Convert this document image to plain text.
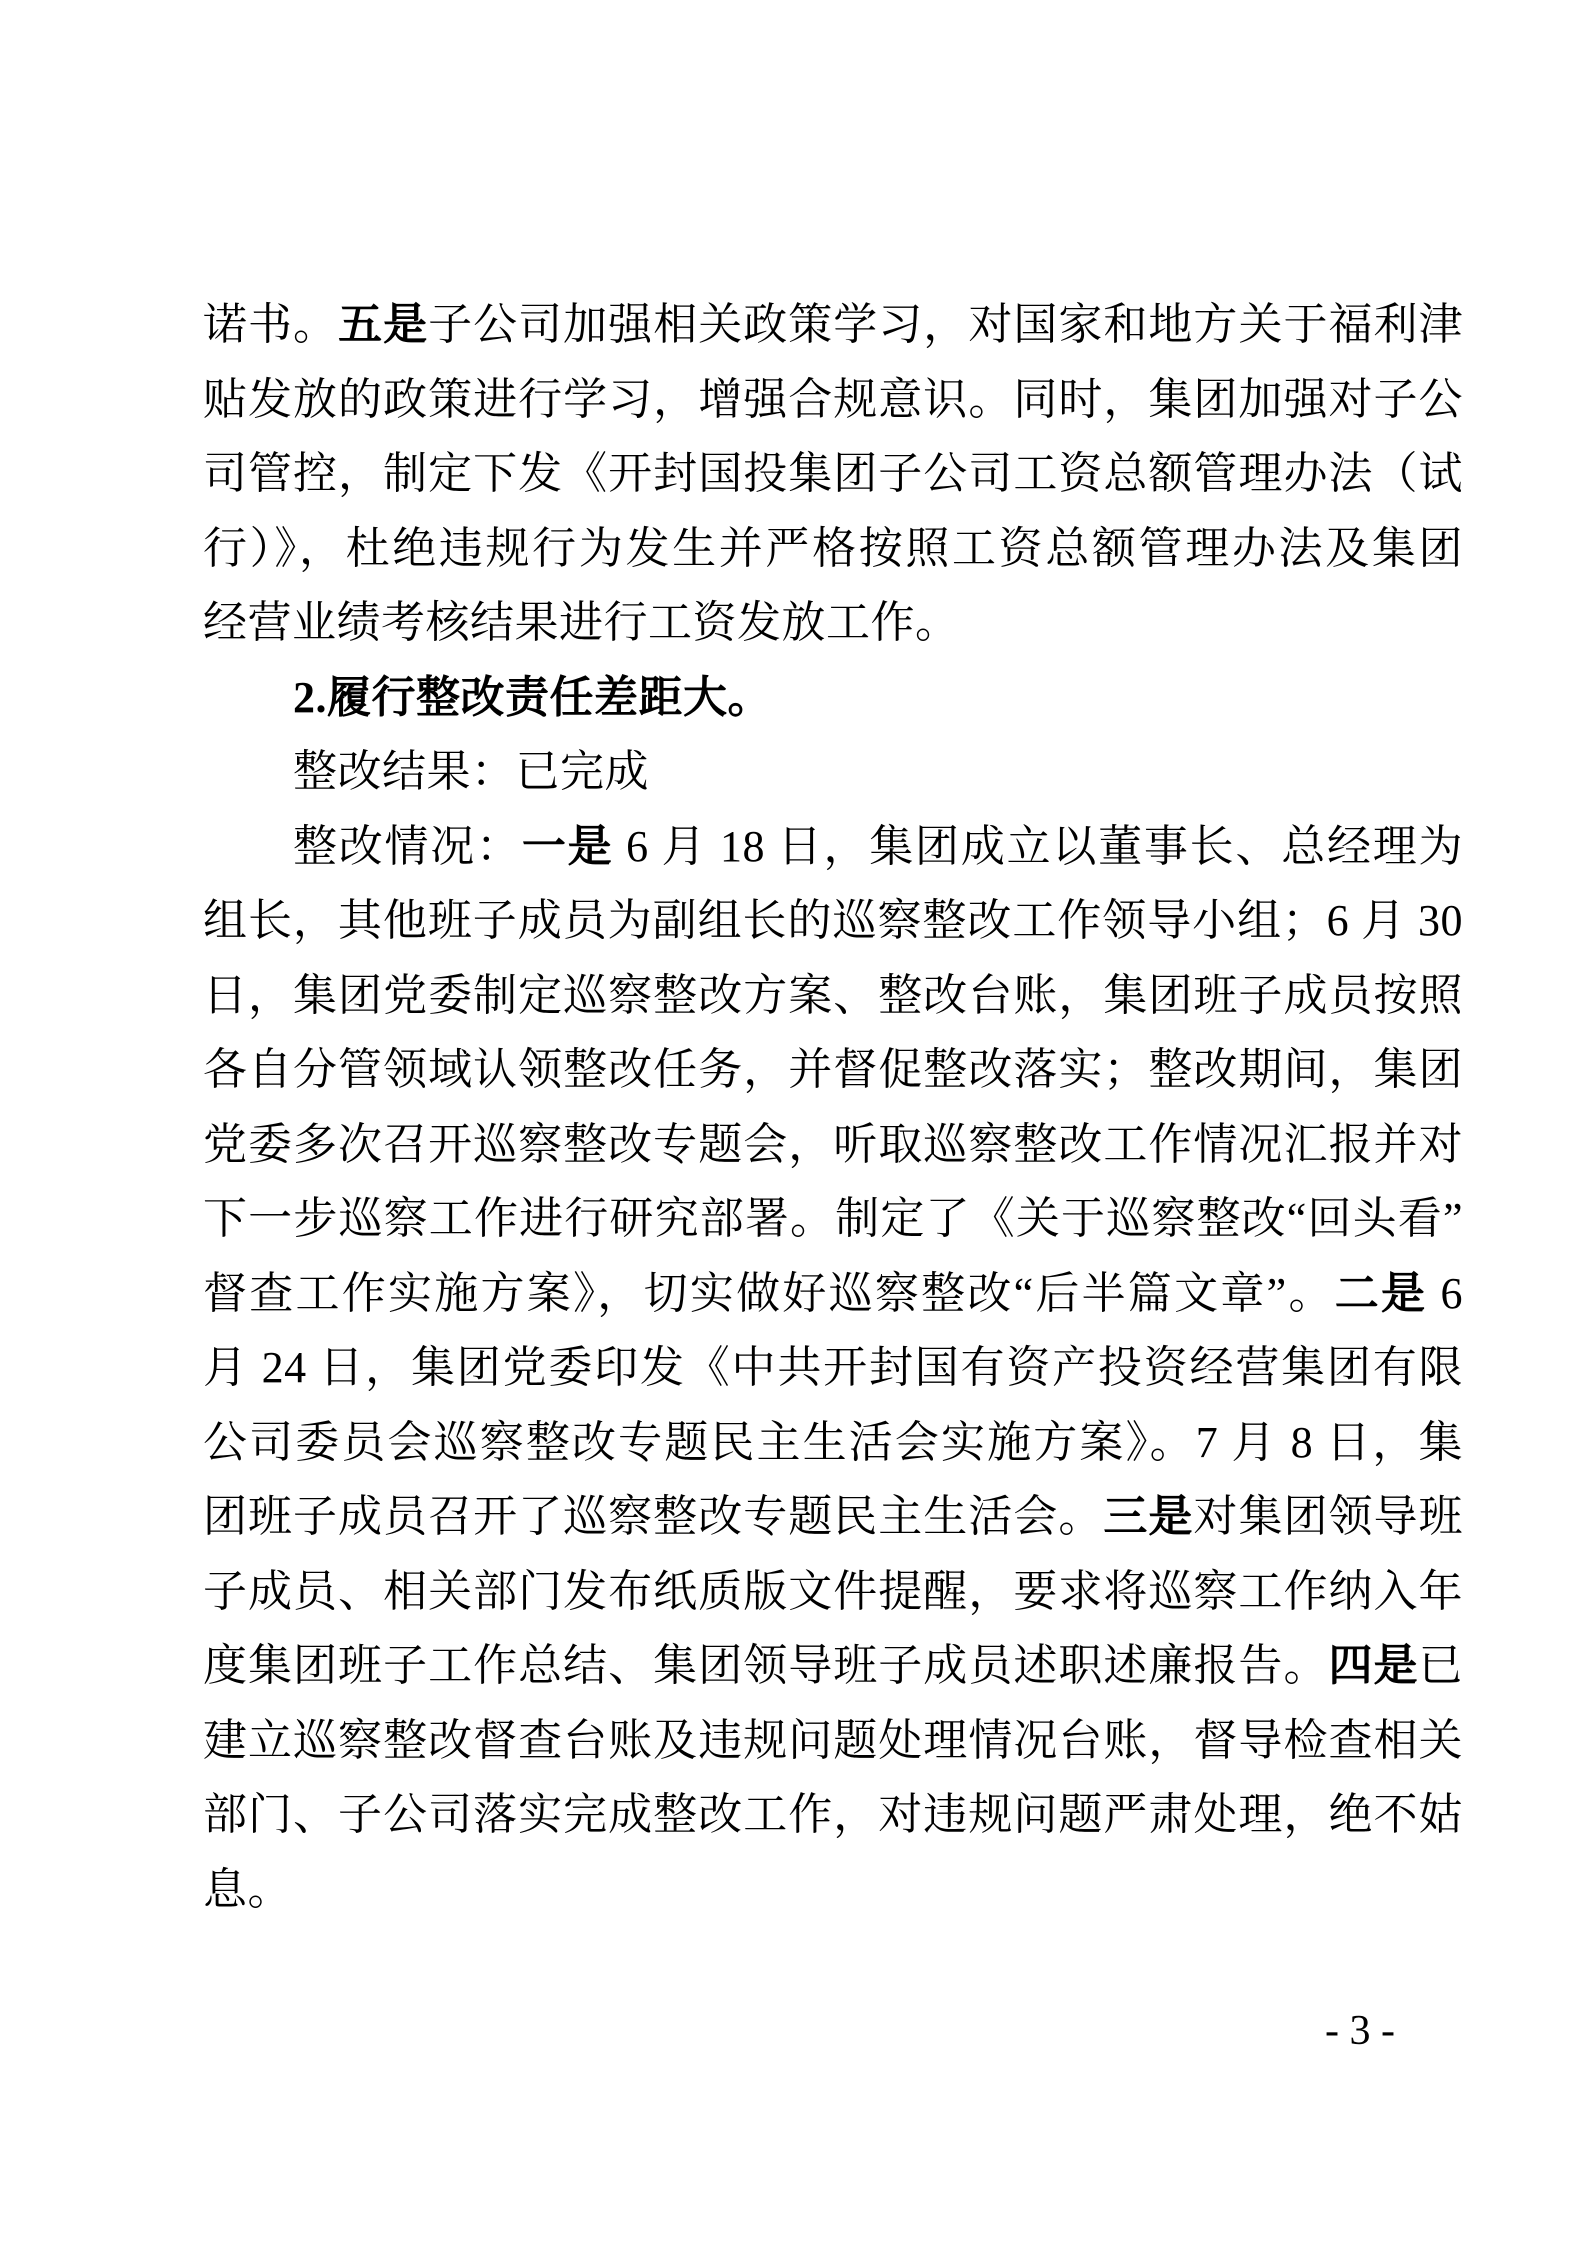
诺书。五是子公司加强相关政策学习，对国家和地方关于福利津
贴发放的政策进行学习，增强合规意识。同时，集团加强对子公
司管控，制定下发《开封国投集团子公司工资总额管理办法（试
行）》，杜绝违规行为发生并严格按照工资总额管理办法及集团
经营业绩考核结果进行工资发放工作。
2.履行整改责任差距大。
整改结果：已完成
整改情况：一是 6 月 18 日，集团成立以董事长、总经理为
组长，其他班子成员为副组长的巡察整改工作领导小组；6 月 30
日，集团党委制定巡察整改方案、整改台账，集团班子成员按照
各自分管领域认领整改任务，并督促整改落实；整改期间，集团
党委多次召开巡察整改专题会，听取巡察整改工作情况汇报并对
下一步巡察工作进行研究部署。制定了《关于巡察整改“回头看”
督查工作实施方案》，切实做好巡察整改“后半篇文章”。二是 6
月 24 日，集团党委印发《中共开封国有资产投资经营集团有限
公司委员会巡察整改专题民主生活会实施方案》。7 月 8 日，集
团班子成员召开了巡察整改专题民主生活会。三是对集团领导班
子成员、相关部门发布纸质版文件提醒，要求将巡察工作纳入年
度集团班子工作总结、集团领导班子成员述职述廉报告。四是已
建立巡察整改督查台账及违规问题处理情况台账，督导检查相关
部门、子公司落实完成整改工作，对违规问题严肃处理，绝不姑
息。
- 3 -
